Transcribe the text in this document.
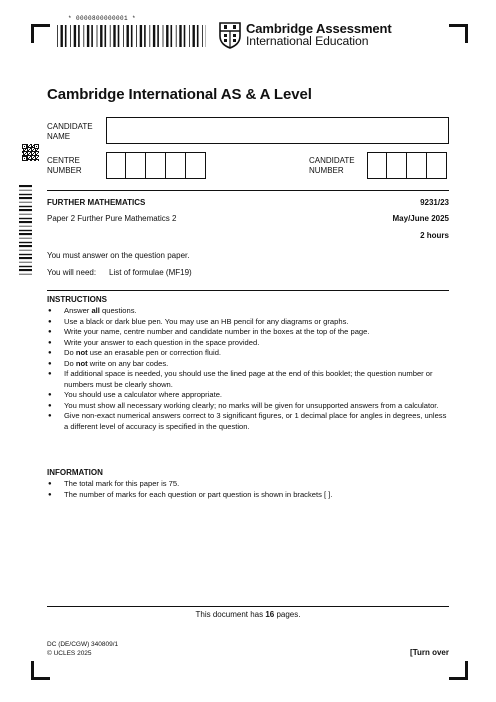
* 0000800000001 *
Cambridge Assessment
International Education
Cambridge International AS & A Level
CANDIDATE NAME
CENTRE NUMBER
CANDIDATE NUMBER
FURTHER MATHEMATICS	9231/23
Paper 2 Further Pure Mathematics 2	May/June 2025
2 hours
You must answer on the question paper.
You will need: List of formulae (MF19)
INSTRUCTIONS
● Answer all questions.
● Use a black or dark blue pen. You may use an HB pencil for any diagrams or graphs.
● Write your name, centre number and candidate number in the boxes at the top of the page.
● Write your answer to each question in the space provided.
● Do not use an erasable pen or correction fluid.
● Do not write on any bar codes.
● If additional space is needed, you should use the lined page at the end of this booklet; the question number or numbers must be clearly shown.
● You should use a calculator where appropriate.
● You must show all necessary working clearly; no marks will be given for unsupported answers from a calculator.
● Give non-exact numerical answers correct to 3 significant figures, or 1 decimal place for angles in degrees, unless a different level of accuracy is specified in the question.
INFORMATION
● The total mark for this paper is 75.
● The number of marks for each question or part question is shown in brackets [ ].
This document has 16 pages.
DC (DE/CGW) 340809/1
© UCLES 2025	[Turn over
